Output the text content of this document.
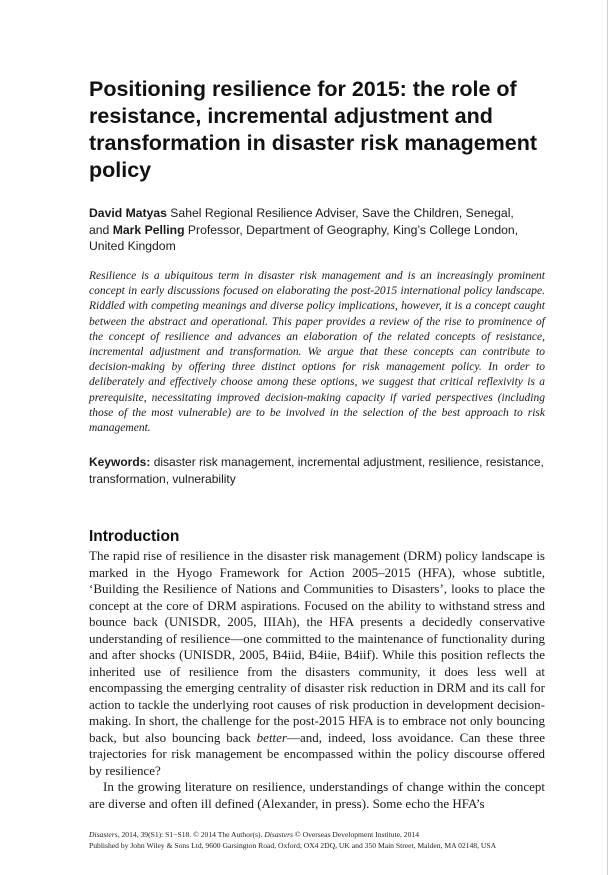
Positioning resilience for 2015: the role of resistance, incremental adjustment and transformation in disaster risk management policy
David Matyas Sahel Regional Resilience Adviser, Save the Children, Senegal,
and Mark Pelling Professor, Department of Geography, King’s College London, United Kingdom

Resilience is a ubiquitous term in disaster risk management and is an increasingly prominent concept in early discussions focused on elaborating the post-2015 international policy landscape. Riddled with competing meanings and diverse policy implications, however, it is a concept caught between the abstract and operational. This paper provides a review of the rise to prominence of the concept of resilience and advances an elaboration of the related concepts of resistance, incremental adjustment and transformation. We argue that these concepts can contribute to decision-making by offering three distinct options for risk management policy. In order to deliberately and effectively choose among these options, we suggest that critical reflexivity is a prerequisite, necessitating improved decision-making capacity if varied perspectives (including those of the most vulnerable) are to be involved in the selection of the best approach to risk management.

Keywords: disaster risk management, incremental adjustment, resilience, resistance, transformation, vulnerability
Introduction

The rapid rise of resilience in the disaster risk management (DRM) policy landscape is marked in the Hyogo Framework for Action 2005–2015 (HFA), whose subtitle, ‘Building the Resilience of Nations and Communities to Disasters’, looks to place the concept at the core of DRM aspirations. Focused on the ability to withstand stress and bounce back (UNISDR, 2005, IIIAh), the HFA presents a decidedly conservative understanding of resilience—one committed to the maintenance of functionality during and after shocks (UNISDR, 2005, B4iid, B4iie, B4iif). While this position reflects the inherited use of resilience from the disasters community, it does less well at encompassing the emerging centrality of disaster risk reduction in DRM and its call for action to tackle the underlying root causes of risk production in development decision-making. In short, the challenge for the post-2015 HFA is to embrace not only bouncing back, but also bouncing back better—and, indeed, loss avoidance. Can these three trajectories for risk management be encompassed within the policy discourse offered by resilience?

In the growing literature on resilience, understandings of change within the concept are diverse and often ill defined (Alexander, in press). Some echo the HFA’s

Disasters, 2014, 39(S1): S1−S18. © 2014 The Author(s). Disasters © Overseas Development Institute, 2014
Published by John Wiley & Sons Ltd, 9600 Garsington Road, Oxford, OX4 2DQ, UK and 350 Main Street, Malden, MA 02148, USA
